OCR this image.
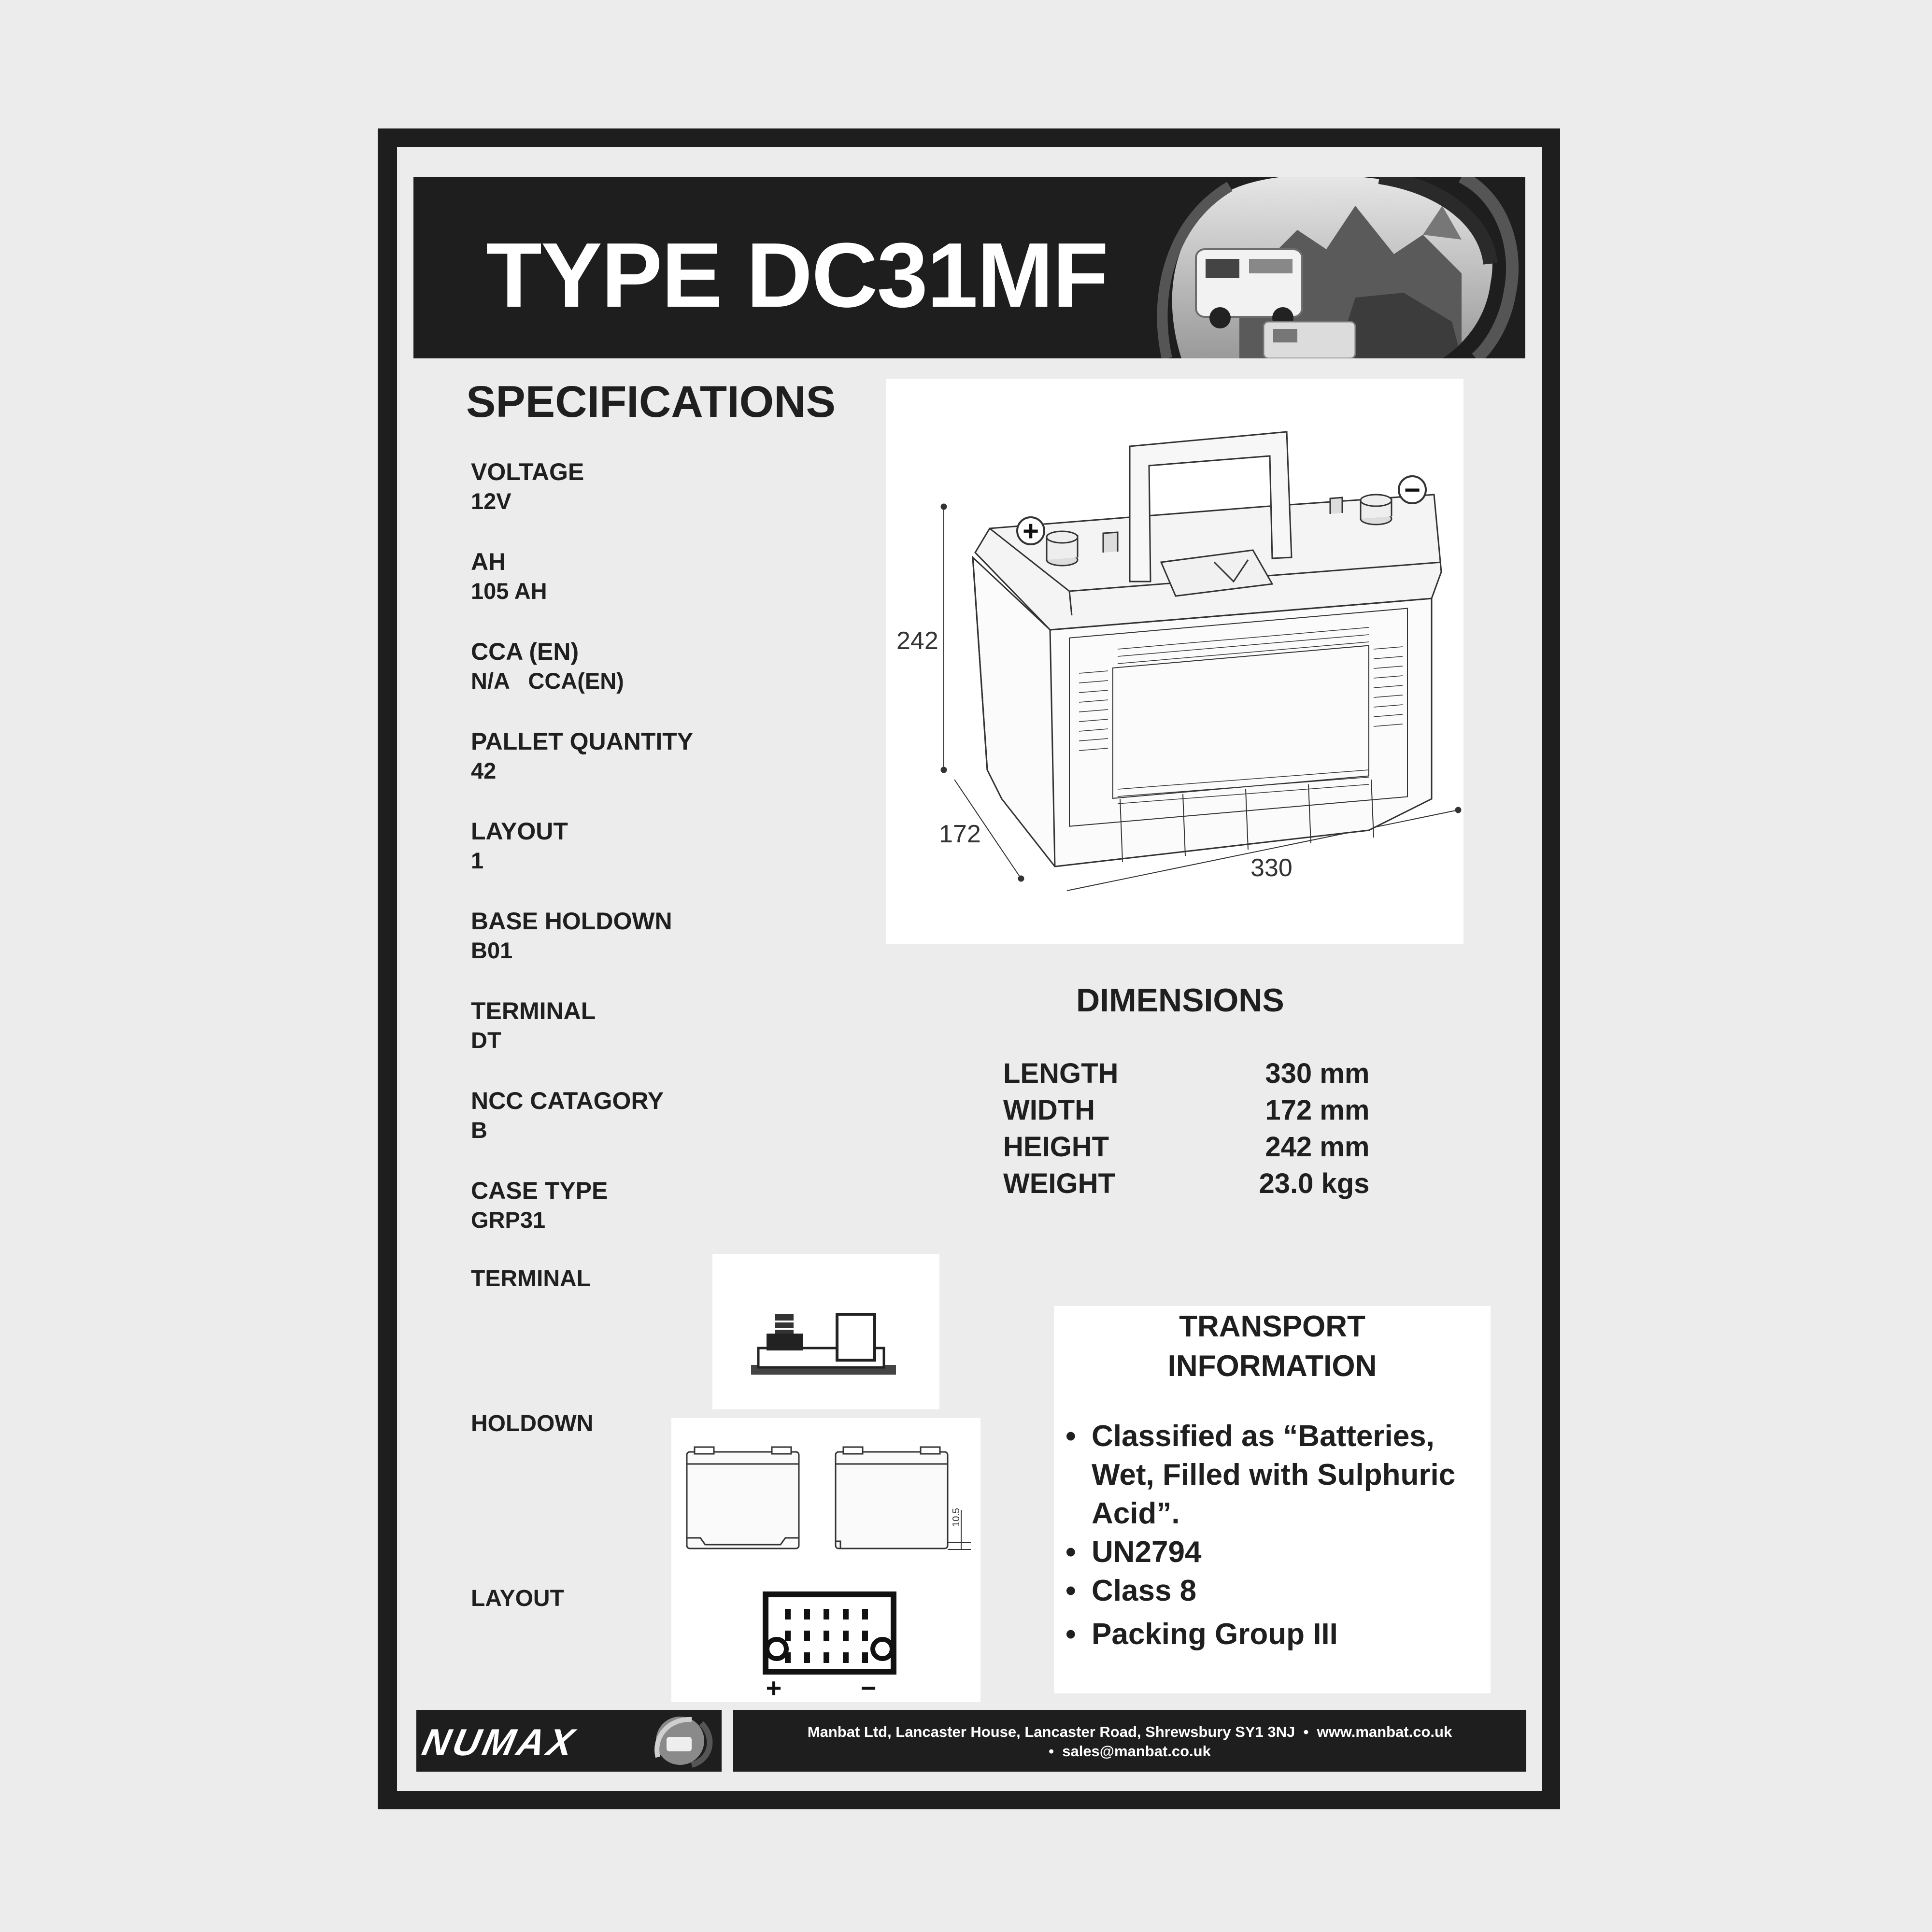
TYPE DC31MF
SPECIFICATIONS
VOLTAGE
12V
AH
105 AH
CCA (EN)
N/A   CCA(EN)
PALLET QUANTITY
42
LAYOUT
1
BASE HOLDOWN
B01
TERMINAL
DT
NCC CATAGORY
B
CASE TYPE
GRP31
242
172
330
+
−
DIMENSIONS
LENGTH	330 mm
WIDTH	172 mm
HEIGHT	242 mm
WEIGHT	23.0 kgs
TERMINAL
HOLDOWN
LAYOUT
10.5
+	−
TRANSPORT
INFORMATION
• Classified as “Batteries, Wet, Filled with Sulphuric Acid”.
• UN2794
• Class 8
• Packing Group III
NUMAX	Manbat Ltd, Lancaster House, Lancaster Road, Shrewsbury SY1 3NJ  •  www.manbat.co.uk
•  sales@manbat.co.uk
